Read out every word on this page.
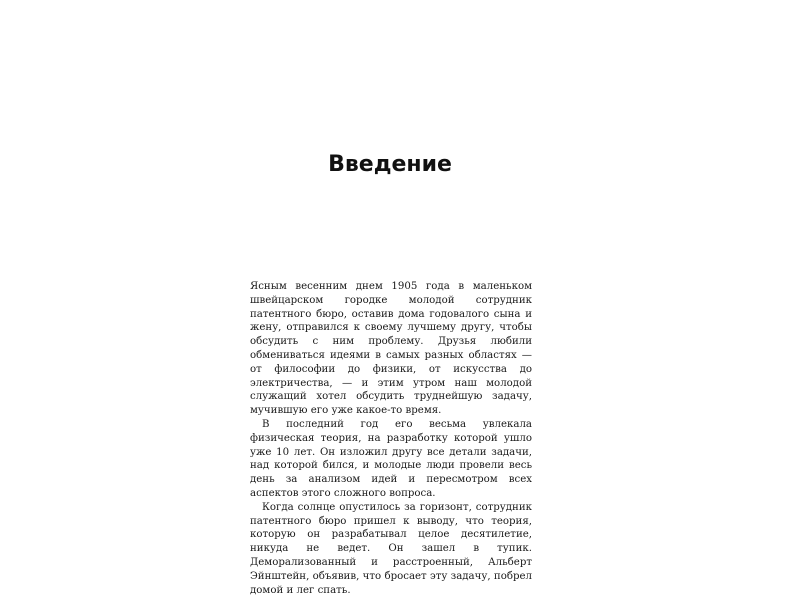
Введение

Ясным весенним днем 1905 года в маленьком швейцарском городке молодой сотрудник патентного бюро, оставив дома годовалого сына и жену, отправился к своему лучшему другу, чтобы обсудить с ним проблему. Друзья любили обмениваться идеями в самых разных областях — от философии до физики, от искусства до электричества, — и этим утром наш молодой служащий хотел обсудить труднейшую задачу, мучившую его уже какое-то время.

В последний год его весьма увлекала физическая теория, на разработку которой ушло уже 10 лет. Он изложил другу все детали задачи, над которой бился, и молодые люди провели весь день за анализом идей и пересмотром всех аспектов этого сложного вопроса.

Когда солнце опустилось за горизонт, сотрудник патентного бюро пришел к выводу, что теория, которую он разрабатывал целое десятилетие, никуда не ведет. Он зашел в тупик. Деморализованный и расстроенный, Альберт Эйнштейн, объявив, что бросает эту задачу, побрел домой и лег спать.
